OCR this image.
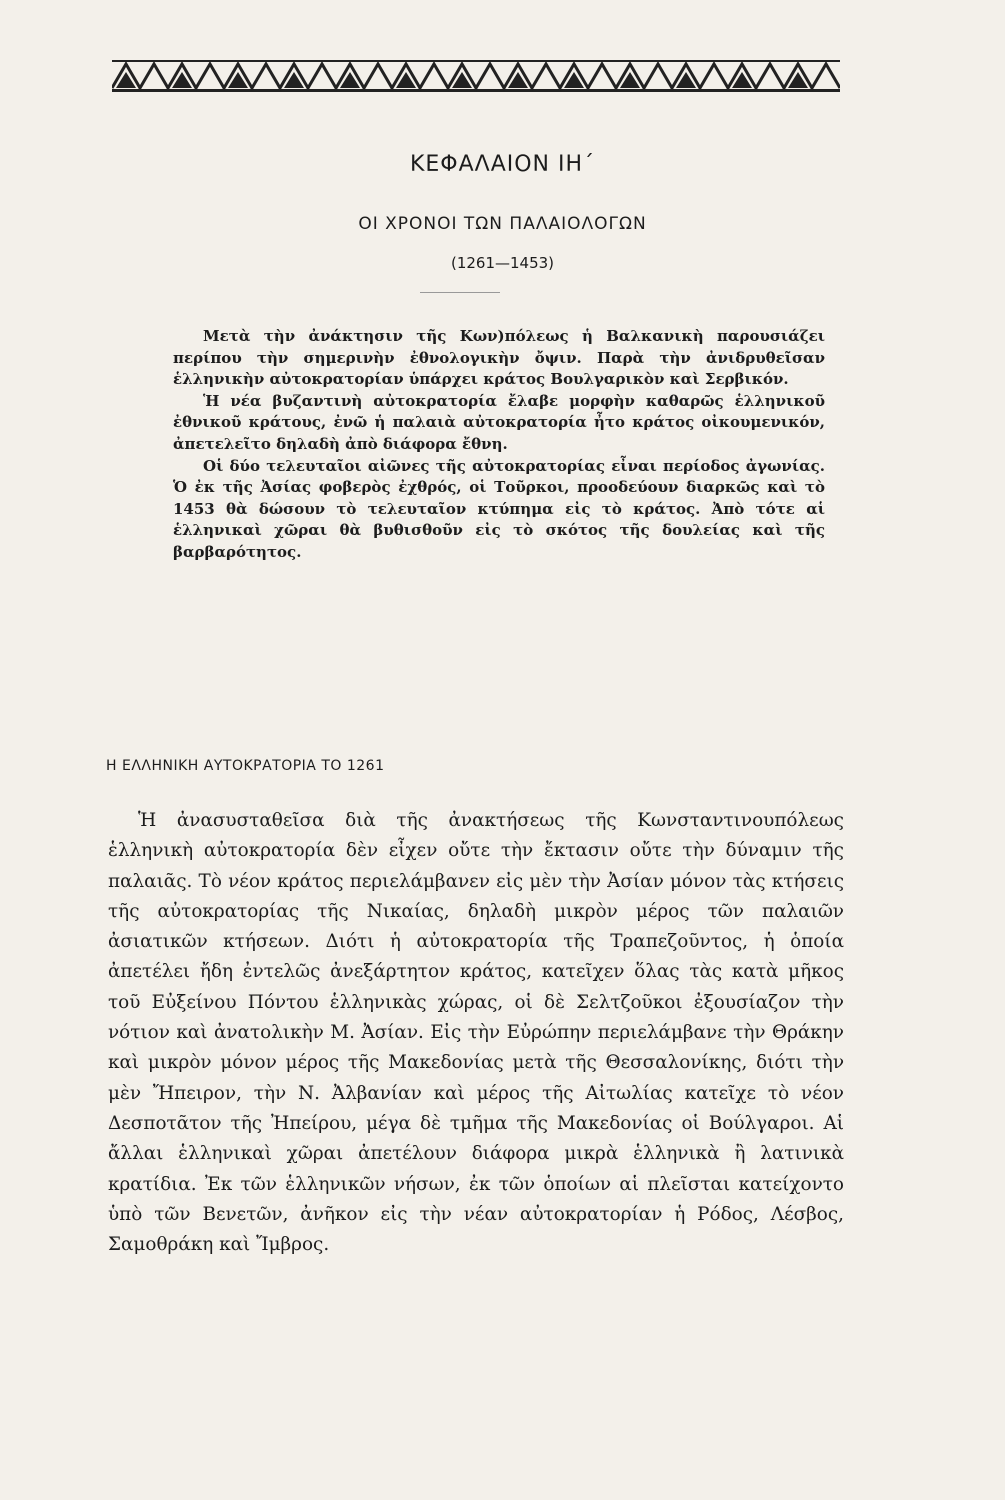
ΚΕΦΑΛΑΙΟΝ ΙΗ΄
ΟΙ ΧΡΟΝΟΙ ΤΩΝ ΠΑΛΑΙΟΛΟΓΩΝ
(1261—1453)

Μετὰ τὴν ἀνάκτησιν τῆς Κων)πόλεως ἡ Βαλκανικὴ παρουσιάζει περίπου τὴν σημερινὴν ἐθνολογικὴν ὄψιν. Παρὰ τὴν ἀνιδρυθεῖσαν ἑλληνικὴν αὐτοκρατορίαν ὑπάρχει κράτος Βουλγαρικὸν καὶ Σερβικόν.

Ἡ νέα βυζαντινὴ αὐτοκρατορία ἔλαβε μορφὴν καθαρῶς ἑλληνικοῦ ἐθνικοῦ κράτους, ἐνῶ ἡ παλαιὰ αὐτοκρατορία ἦτο κράτος οἰκουμενικόν, ἀπετελεῖτο δηλαδὴ ἀπὸ διάφορα ἔθνη.

Οἱ δύο τελευταῖοι αἰῶνες τῆς αὐτοκρατορίας εἶναι περίοδος ἀγωνίας. Ὁ ἐκ τῆς Ἀσίας φοβερὸς ἐχθρός, οἱ Τοῦρκοι, προοδεύουν διαρκῶς καὶ τὸ 1453 θὰ δώσουν τὸ τελευταῖον κτύπημα εἰς τὸ κράτος. Ἀπὸ τότε αἱ ἑλληνικαὶ χῶραι θὰ βυθισθοῦν εἰς τὸ σκότος τῆς δουλείας καὶ τῆς βαρβαρότητος.

Η ΕΛΛΗΝΙΚΗ ΑΥΤΟΚΡΑΤΟΡΙΑ ΤΟ 1261

Ἡ ἀνασυσταθεῖσα διὰ τῆς ἀνακτήσεως τῆς Κωνσταντινουπόλεως ἑλληνικὴ αὐτοκρατορία δὲν εἶχεν οὔτε τὴν ἔκτασιν οὔτε τὴν δύναμιν τῆς παλαιᾶς. Τὸ νέον κράτος περιελάμβανεν εἰς μὲν τὴν Ἀσίαν μόνον τὰς κτήσεις τῆς αὐτοκρατορίας τῆς Νικαίας, δηλαδὴ μικρὸν μέρος τῶν παλαιῶν ἀσιατικῶν κτήσεων. Διότι ἡ αὐτοκρατορία τῆς Τραπεζοῦντος, ἡ ὁποία ἀπετέλει ἤδη ἐντελῶς ἀνεξάρτητον κράτος, κατεῖχεν ὅλας τὰς κατὰ μῆκος τοῦ Εὐξείνου Πόντου ἑλληνικὰς χώρας, οἱ δὲ Σελτζοῦκοι ἐξουσίαζον τὴν νότιον καὶ ἀνατολικὴν Μ. Ἀσίαν. Εἰς τὴν Εὐρώπην περιελάμβανε τὴν Θράκην καὶ μικρὸν μόνον μέρος τῆς Μακεδονίας μετὰ τῆς Θεσσαλονίκης, διότι τὴν μὲν Ἤπειρον, τὴν Ν. Ἀλβανίαν καὶ μέρος τῆς Αἰτωλίας κατεῖχε τὸ νέον Δεσποτᾶτον τῆς Ἠπείρου, μέγα δὲ τμῆμα τῆς Μακεδονίας οἱ Βούλγαροι. Αἱ ἄλλαι ἑλληνικαὶ χῶραι ἀπετέλουν διάφορα μικρὰ ἑλληνικὰ ἢ λατινικὰ κρατίδια. Ἐκ τῶν ἑλληνικῶν νήσων, ἐκ τῶν ὁποίων αἱ πλεῖσται κατείχοντο ὑπὸ τῶν Βενετῶν, ἀνῆκον εἰς τὴν νέαν αὐτοκρατορίαν ἡ Ρόδος, Λέσβος, Σαμοθράκη καὶ Ἴμβρος.
